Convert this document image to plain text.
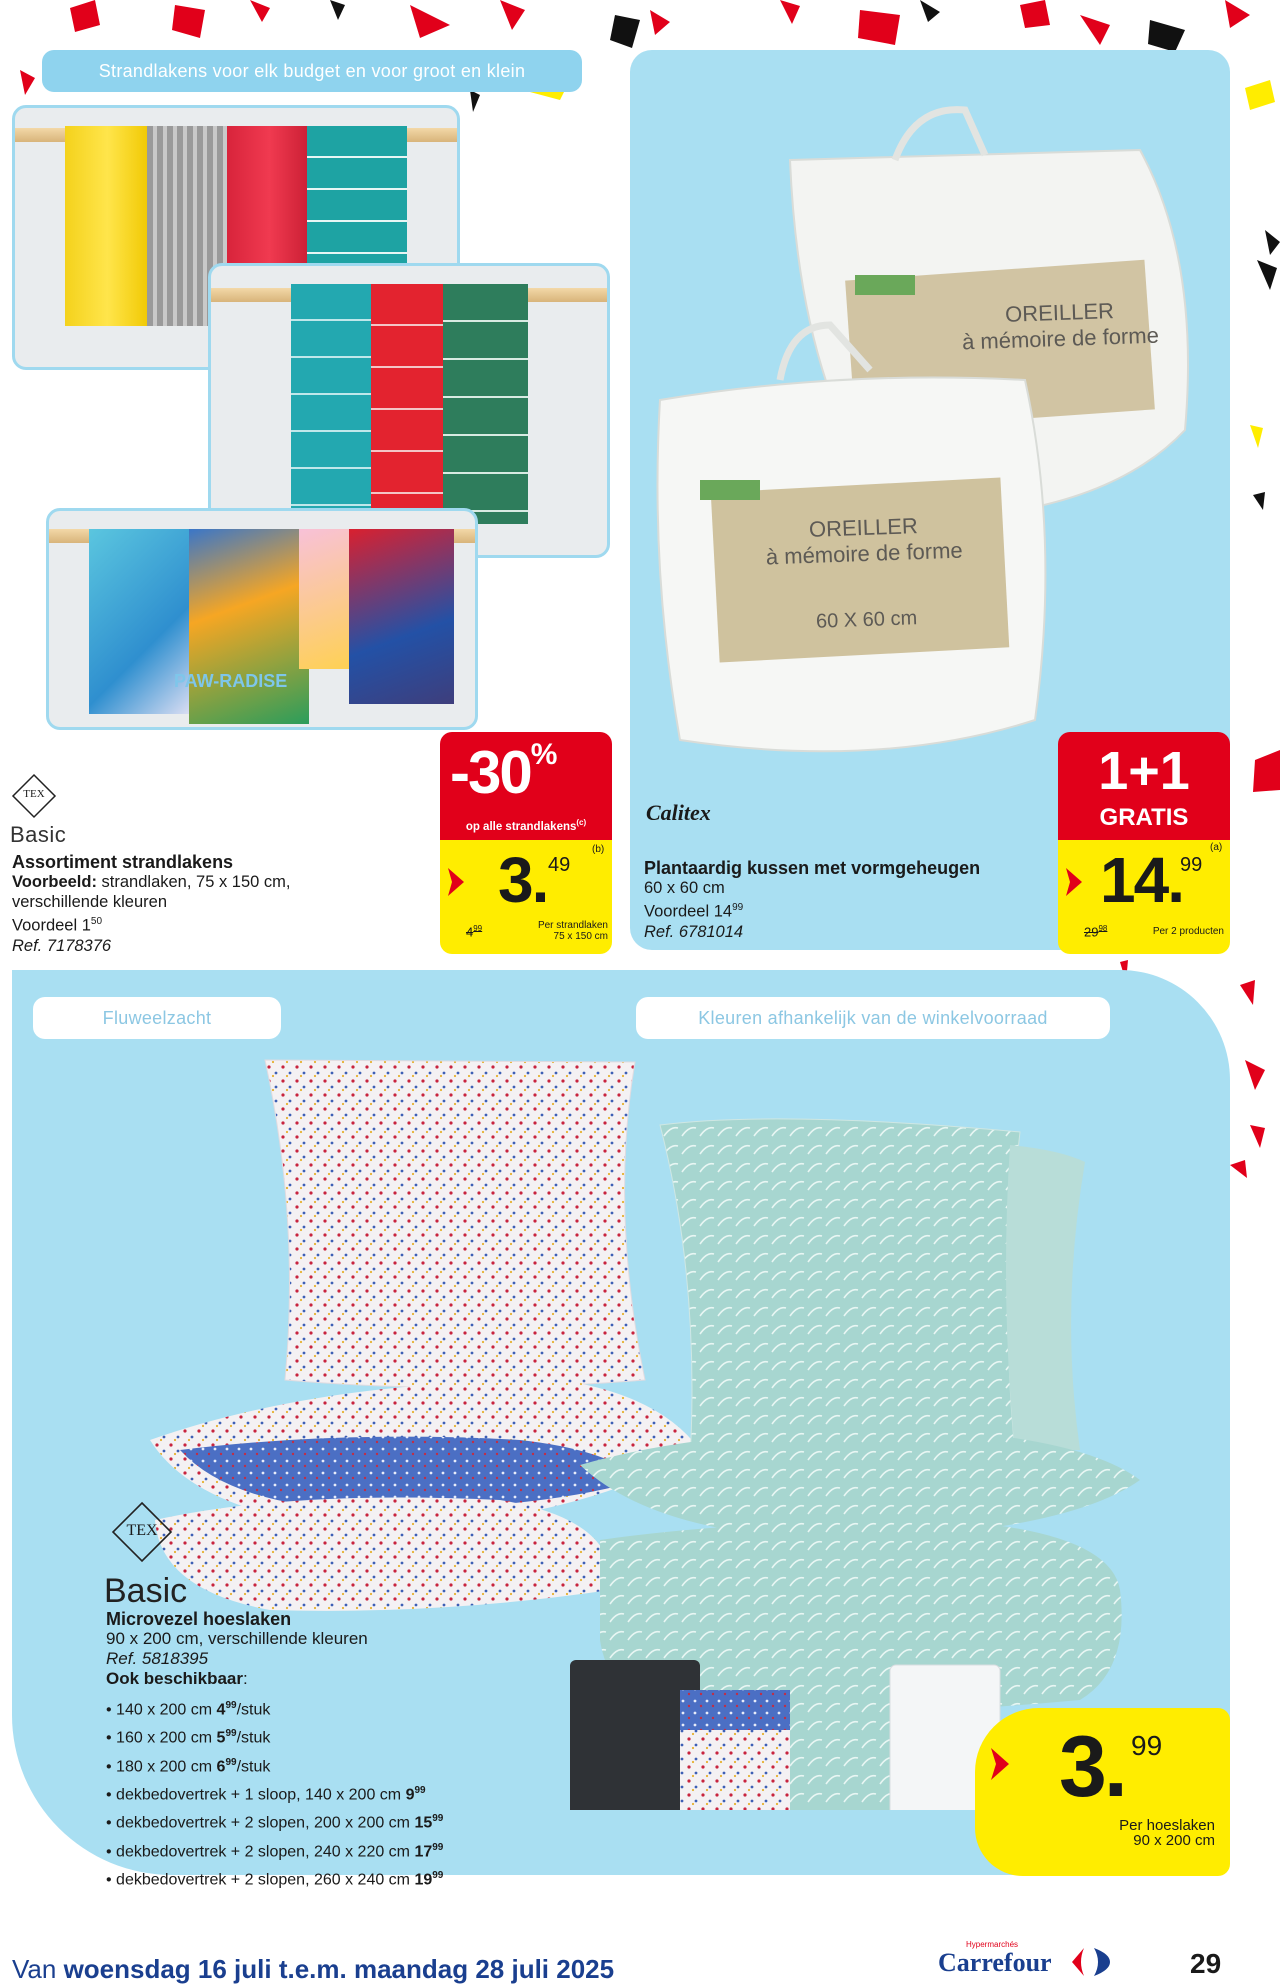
Strandlakens voor elk budget en voor groot en klein
PAW-RADISE
TEX
Basic
Assortiment strandlakens
Voorbeeld: strandlaken, 75 x 150 cm,
verschillende kleuren
Voordeel $1^{50}$
Ref. 7178376
-30%
op alle strandlakens$^{(c)}$
3. 49
(b)
$4^{99}$	Per strandlaken
75 x 150 cm
OREILLER
à mémoire de forme
OREILLER
à mémoire de forme
60 X 60 cm
Calitex
Plantaardig kussen met vormgeheugen
60 x 60 cm
Voordeel $14^{99}$
Ref. 6781014
1+1
GRATIS
14.
99
(a)
$29^{98}$	Per 2 producten
Fluweelzacht	Kleuren afhankelijk van de winkelvoorraad
3. 99
Per hoeslaken
90 x 200 cm
TEX
Basic
Microvezel hoeslaken
90 x 200 cm, verschillende kleuren
Ref. 5818395
Ook beschikbaar:
• 140 x 200 cm $4^{99}$/stuk
• 160 x 200 cm $5^{99}$/stuk
• 180 x 200 cm $6^{99}$/stuk
• dekbedovertrek + 1 sloop, 140 x 200 cm $9^{99}$
• dekbedovertrek + 2 slopen, 200 x 200 cm $15^{99}$
• dekbedovertrek + 2 slopen, 240 x 220 cm $17^{99}$
• dekbedovertrek + 2 slopen, 260 x 240 cm $19^{99}$
Van woensdag 16 juli t.e.m. maandag 28 juli 2025
Hypermarchés
Carrefour	29
